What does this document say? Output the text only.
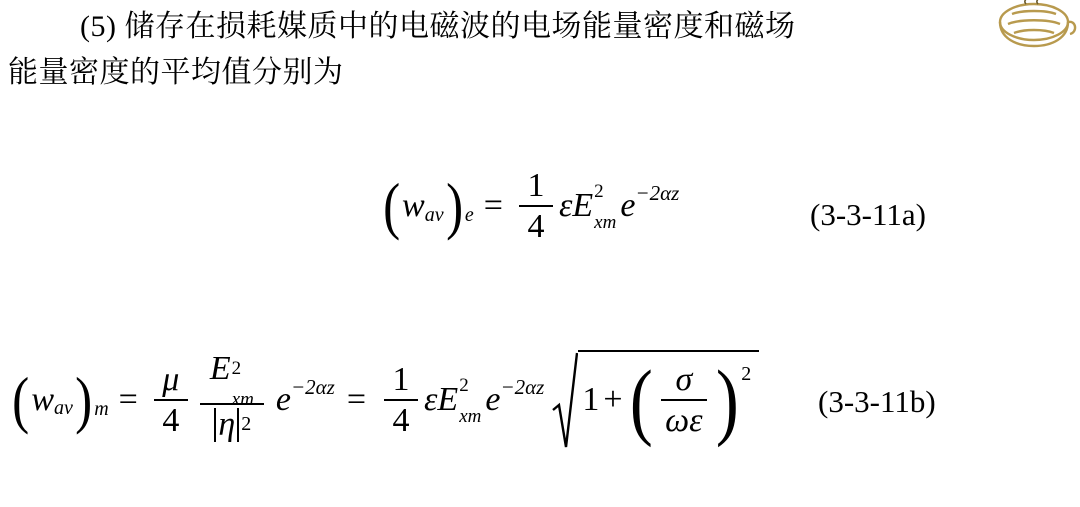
(5) 储存在损耗媒质中的电磁波的电场能量密度和磁场
能量密度的平均值分别为
( w av ) $e = \frac{1}{4}$ ε E 2
xm e −2αz
(3-3-11a)
( w av ) $m = \frac{\mu}{4}$ E 2
xm
η $^2$ $e -2\alpha z = \frac{1}{4}$ ε E 2
xm e −2αz 1 + ( $\frac{\sigma}{\omega\varepsilon}$ ) 2
(3-3-11b)
